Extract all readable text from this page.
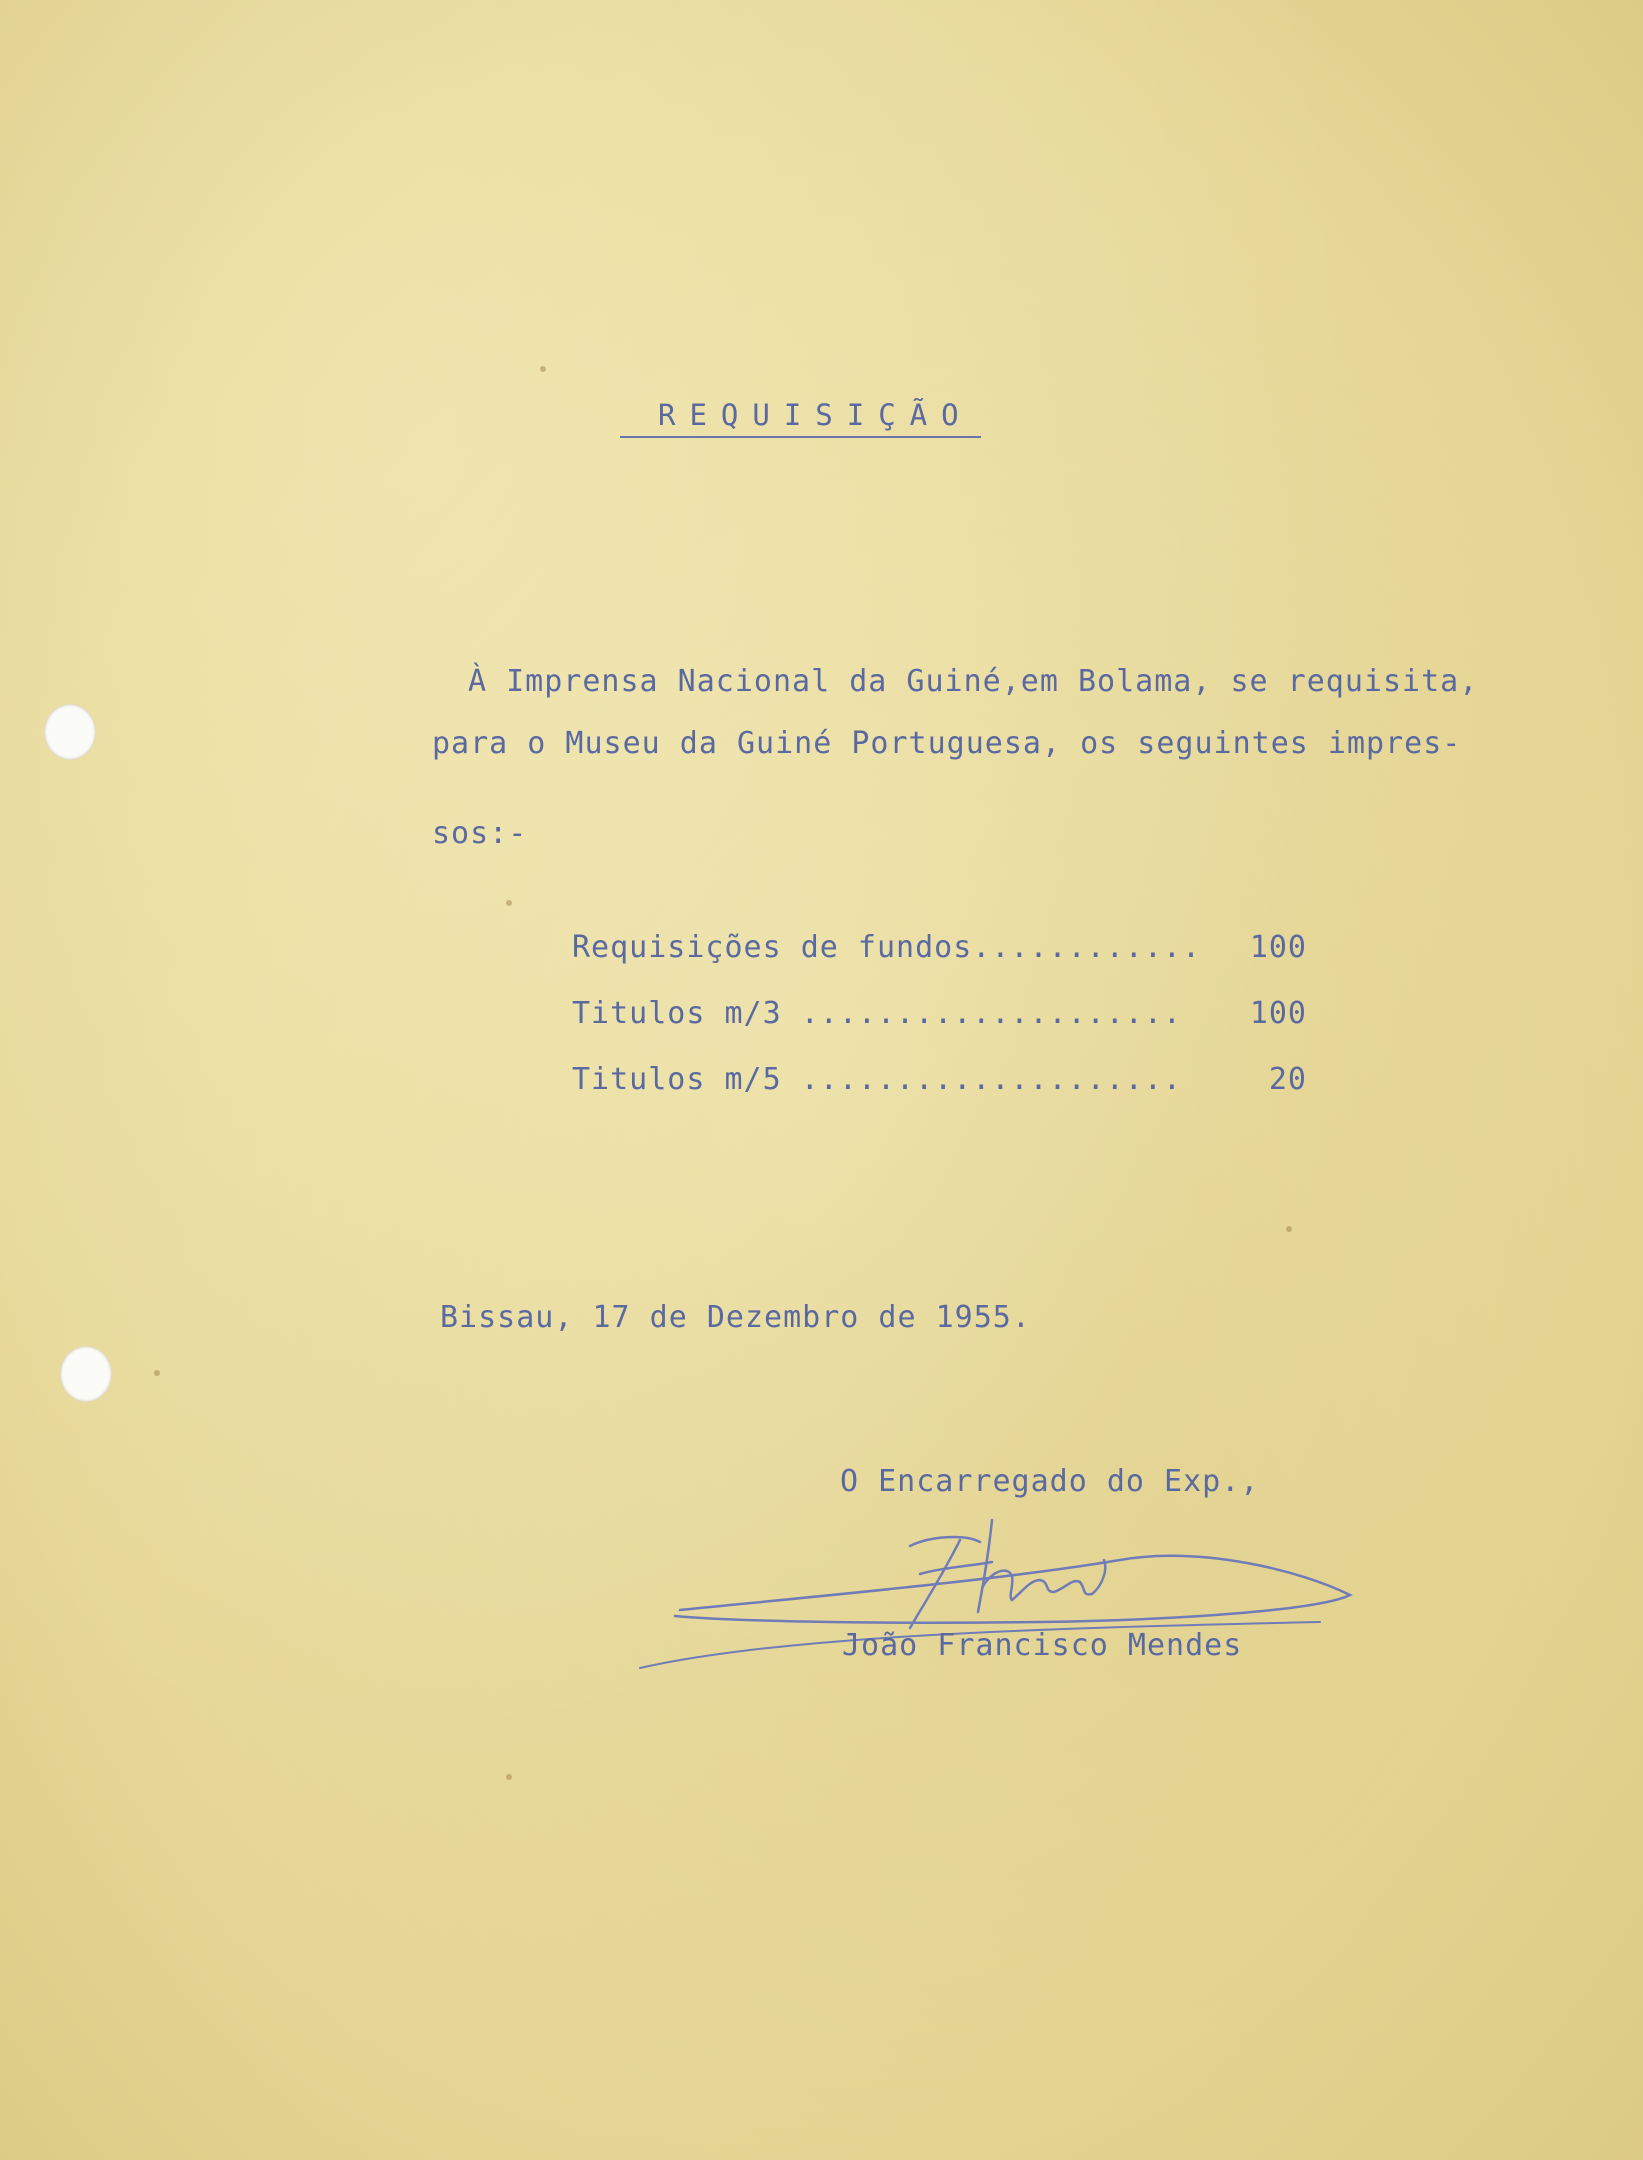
REQUISIÇÃO
À Imprensa Nacional da Guiné,em Bolama, se requisita,
para o Museu da Guiné Portuguesa, os seguintes impres-
sos:-
Requisições de fundos............ 100
Titulos m/3 .................... 100
Titulos m/5 ....................	20
Bissau, 17 de Dezembro de 1955.
O Encarregado do Exp.,
João Francisco Mendes
